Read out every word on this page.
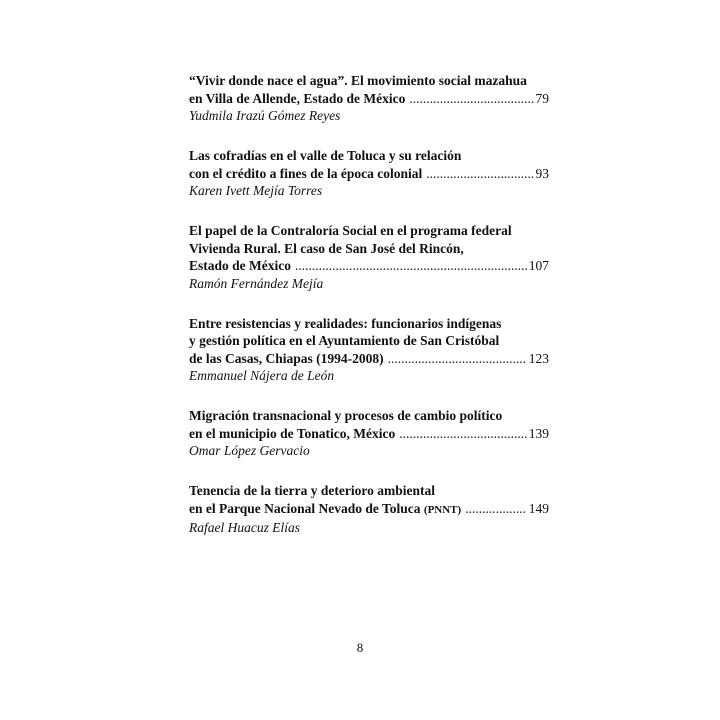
“Vivir donde nace el agua”. El movimiento social mazahua
en Villa de Allende, Estado de México .....	79
Yudmila Irazú Gómez Reyes
Las cofradías en el valle de Toluca y su relación
con el crédito a fines de la época colonial .....	93
Karen Ivett Mejía Torres
El papel de la Contraloría Social en el programa federal
Vivienda Rural. El caso de San José del Rincón,
Estado de México .....	107
Ramón Fernández Mejía
Entre resistencias y realidades: funcionarios indígenas
y gestión política en el Ayuntamiento de San Cristóbal
de las Casas, Chiapas (1994-2008) .....	123
Emmanuel Nájera de León
Migración transnacional y procesos de cambio político
en el municipio de Tonatico, México .....	139
Omar López Gervacio
Tenencia de la tierra y deterioro ambiental
en el Parque Nacional Nevado de Toluca
(PNNT) .....	149
Rafael Huacuz Elías
8
